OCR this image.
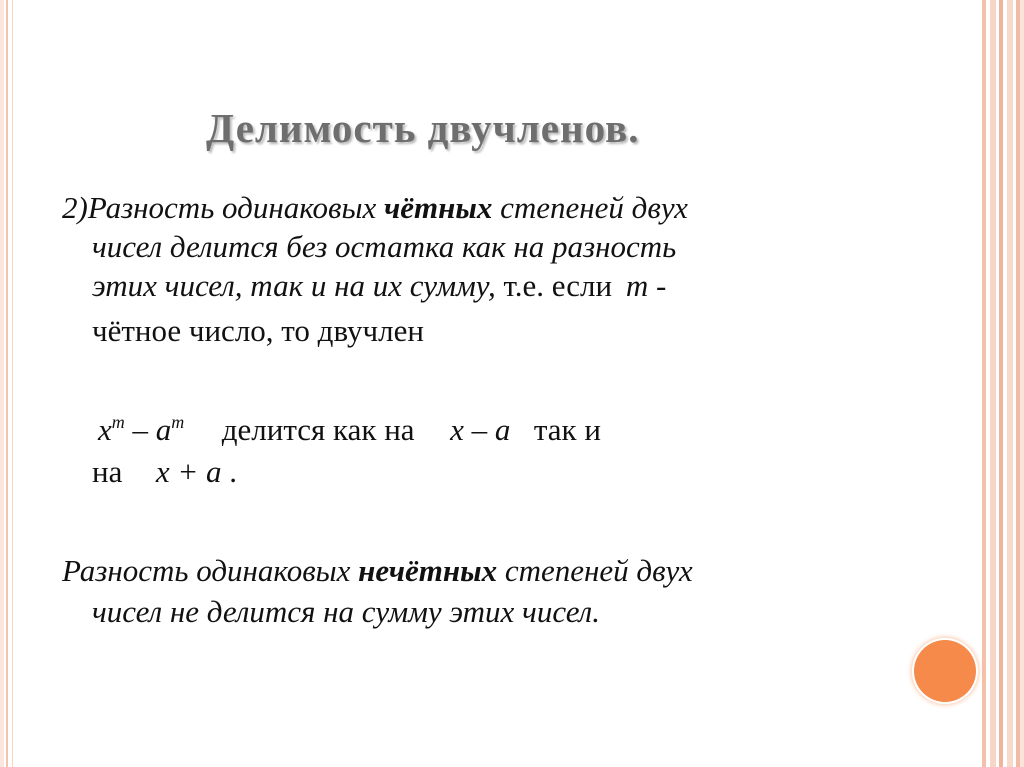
Делимость двучленов.
2)Разность одинаковых чётных степеней двух
чисел делится без остатка как на разность
этих чисел, так и на их сумму, т.е. если m -
чётное число, то двучлен
$x^m - a^m$ делится как на x – a так и
на x + a .
Разность одинаковых нечётных степеней двух
чисел не делится на сумму этих чисел.
